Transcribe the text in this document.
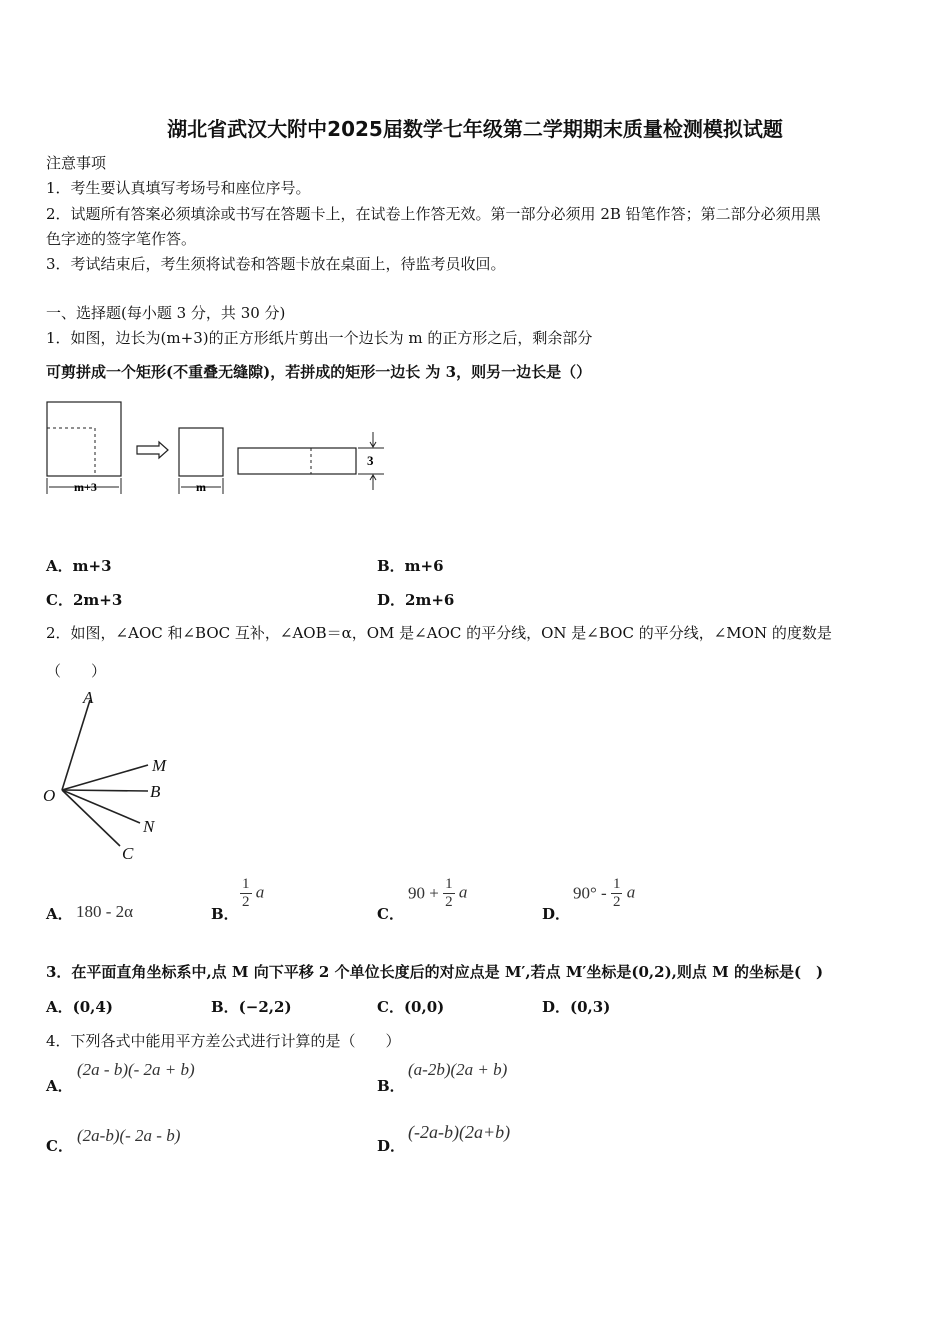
湖北省武汉大附中2025届数学七年级第二学期期末质量检测模拟试题
注意事项
1．考生要认真填写考场号和座位序号。
2．试题所有答案必须填涂或书写在答题卡上，在试卷上作答无效。第一部分必须用 2B 铅笔作答；第二部分必须用黑
色字迹的签字笔作答。
3．考试结束后，考生须将试卷和答题卡放在桌面上，待监考员收回。
一、选择题(每小题 3 分，共 30 分)
1．如图，边长为(m+3)的正方形纸片剪出一个边长为 m 的正方形之后，剩余部分
可剪拼成一个矩形(不重叠无缝隙)，若拼成的矩形一边长 为 3，则另一边长是（）
m+3	m
3
A．m+3	B．m+6
C．2m+3	D．2m+6
2．如图，∠AOC 和∠BOC 互补，∠AOB＝α，OM 是∠AOC 的平分线，ON 是∠BOC 的平分线，∠MON 的度数是
（　　）
A
M
B
N
C
O
A． 180 - 2α	B．
$\frac{1}{2}$ a
C．
$90 + \frac{1}{2}$ a
D．
$90^\circ - \frac{1}{2}$ a
3．在平面直角坐标系中,点 M 向下平移 2 个单位长度后的对应点是 M′,若点 M′坐标是(0,2),则点 M 的坐标是(　)
A．(0,4)	B．(−2,2)	C．(0,0)	D．(0,3)
4．下列各式中能用平方差公式进行计算的是（　　）
A．
(2a - b)(- 2a + b)
B．
(a-2b)(2a + b)
C．
(2a-b)(- 2a - b)
D．
(-2a-b)(2a+b)
